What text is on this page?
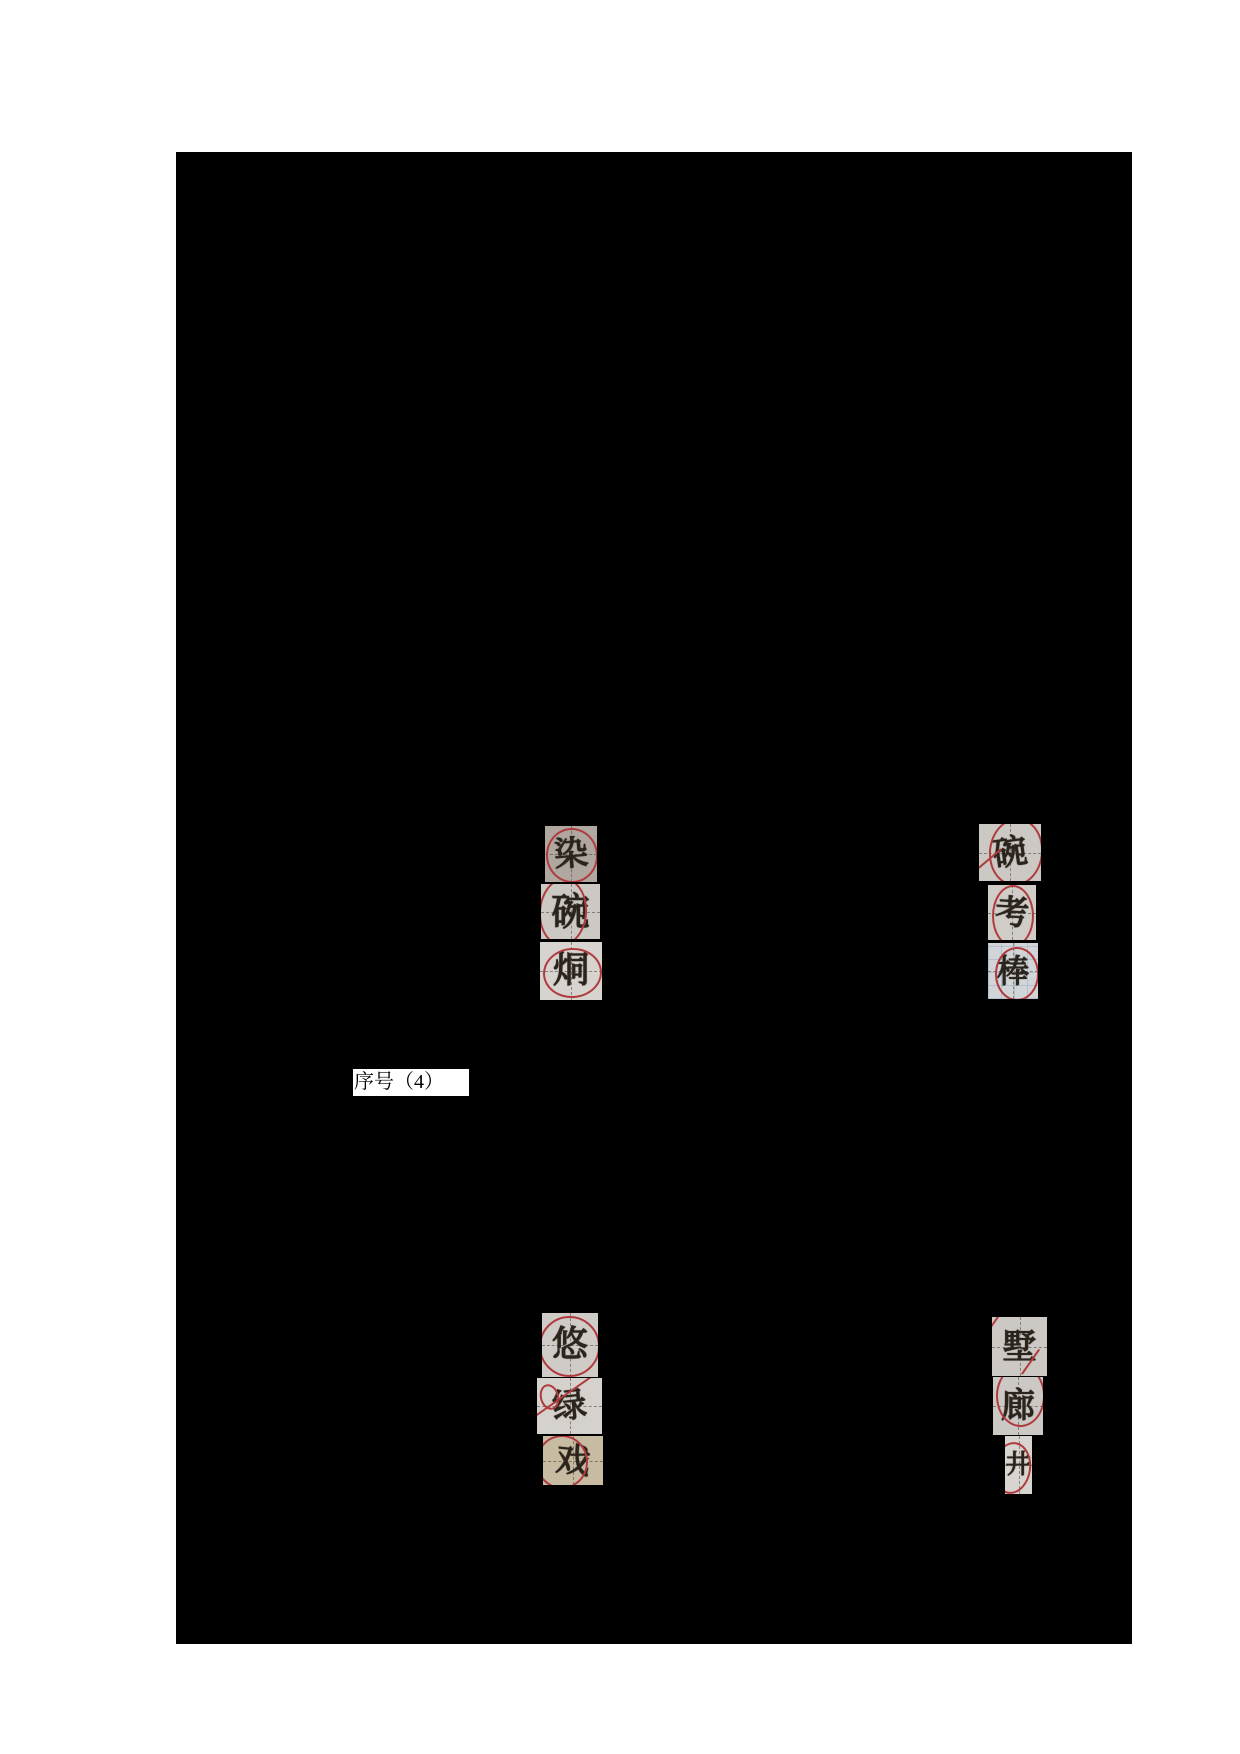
染
碗
烔
碗
考
棒
悠
绿
戏
墅
廊
井
序号（4）
